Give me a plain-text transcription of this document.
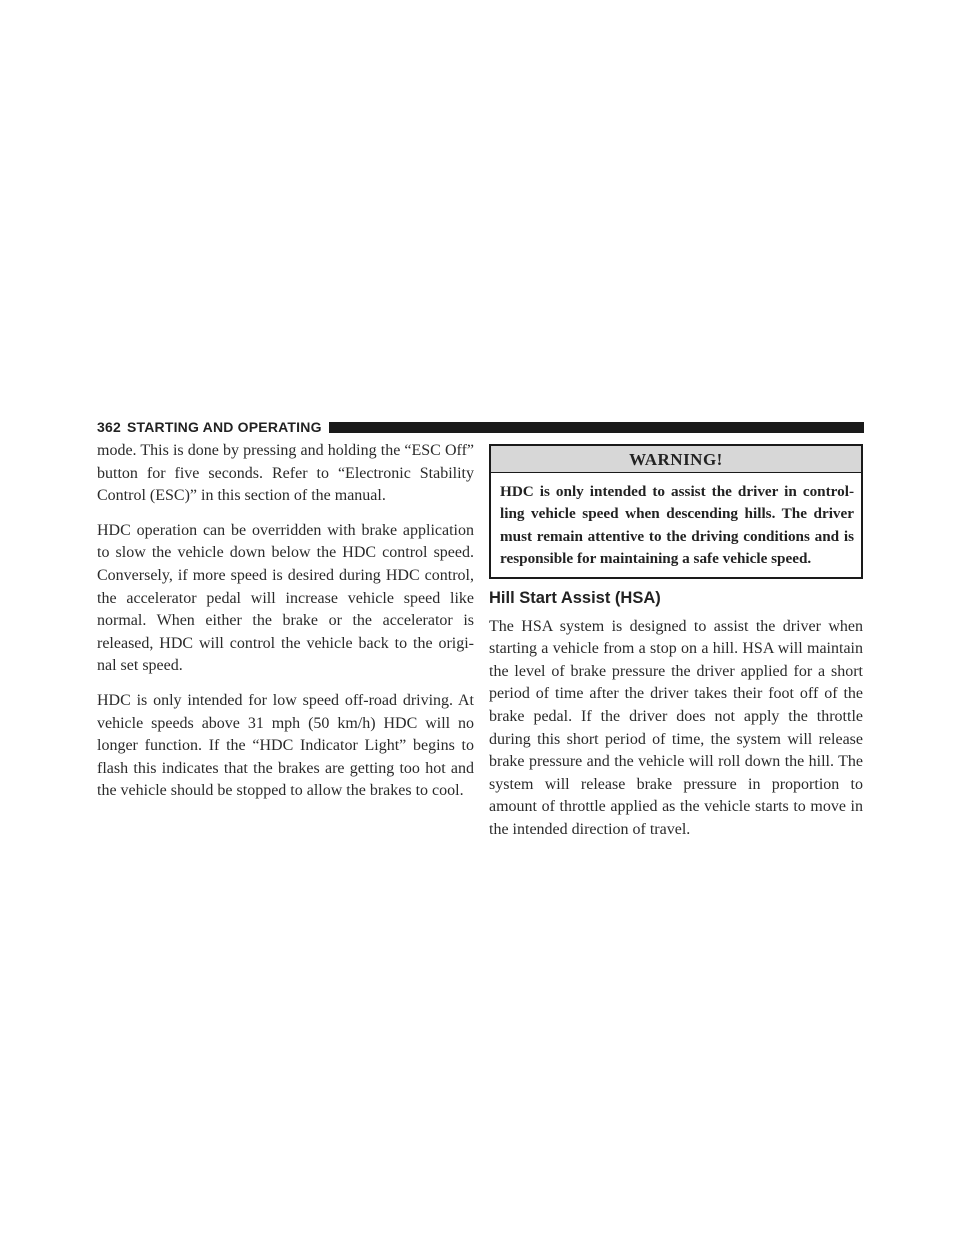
362 STARTING AND OPERATING

mode. This is done by pressing and holding the “ESC Off” button for five seconds. Refer to “Electronic Stability Control (ESC)” in this section of the manual.

HDC operation can be overridden with brake application to slow the vehicle down below the HDC control speed. Conversely, if more speed is desired during HDC control, the accelerator pedal will increase vehicle speed like normal. When either the brake or the accelerator is released, HDC will control the vehicle back to the origi- nal set speed.

HDC is only intended for low speed off-road driving. At vehicle speeds above 31 mph (50 km/h) HDC will no longer function. If the “HDC Indicator Light” begins to flash this indicates that the brakes are getting too hot and the vehicle should be stopped to allow the brakes to cool.

WARNING!
HDC is only intended to assist the driver in control- ling vehicle speed when descending hills. The driver must remain attentive to the driving conditions and is responsible for maintaining a safe vehicle speed.
Hill Start Assist (HSA)

The HSA system is designed to assist the driver when starting a vehicle from a stop on a hill. HSA will maintain the level of brake pressure the driver applied for a short period of time after the driver takes their foot off of the brake pedal. If the driver does not apply the throttle during this short period of time, the system will release brake pressure and the vehicle will roll down the hill. The system will release brake pressure in proportion to amount of throttle applied as the vehicle starts to move in the intended direction of travel.
